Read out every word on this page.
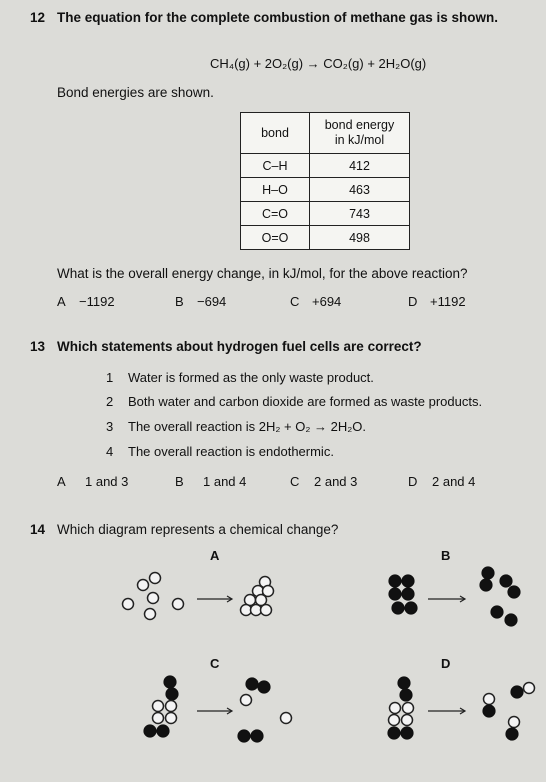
12 The equation for the complete combustion of methane gas is shown.
CH₄(g) + 2O₂(g) → CO₂(g) + 2H₂O(g)
Bond energies are shown.
bond	bond energy
in kJ/mol
C–H	412
H–O	463
C=O	743
O=O	498
What is the overall energy change, in kJ/mol, for the above reaction?
A −1192	B −694	C +694	D +1192
13 Which statements about hydrogen fuel cells are correct?
1 Water is formed as the only waste product.
2 Both water and carbon dioxide are formed as waste products.
3 The overall reaction is 2H₂ + O₂ → 2H₂O.
4 The overall reaction is endothermic.
A 1 and 3	B 1 and 4	C 2 and 3	D 2 and 4
14 Which diagram represents a chemical change?
A	B
C	D
